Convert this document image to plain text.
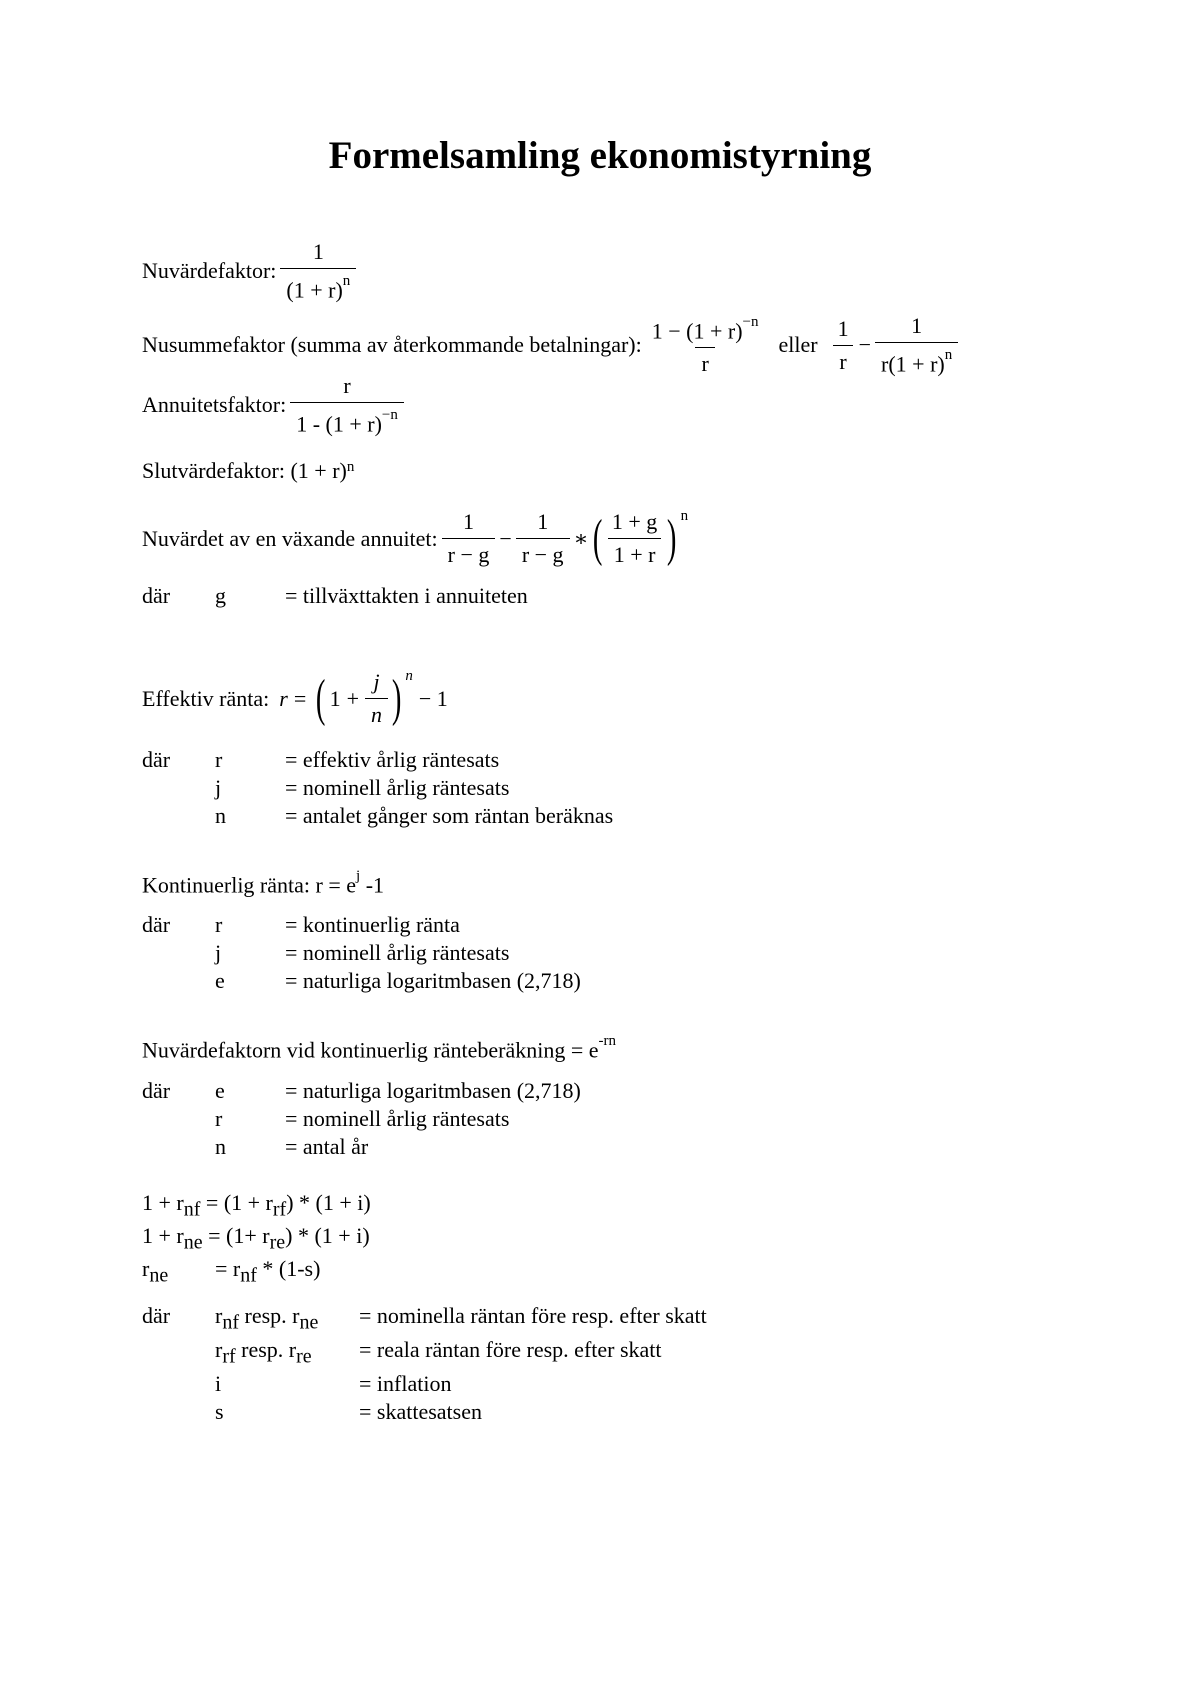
Formelsamling ekonomistyrning
Nuvärdefaktor: $\frac{1}{(1 + r)^n}$
Nusummefaktor (summa av återkommande betalningar): $\frac{1 - (1 + r)^{-n}}{r}$ eller $\frac{1}{r} - \frac{1}{r(1 + r)^n}$
Annuitetsfaktor: $\frac{r}{1 - (1 + r)^{-n}}$
Slutvärdefaktor: $(1 + r)^n$
Nuvärdet av en växande annuitet: $\frac{1}{r - g} - \frac{1}{r - g}$ ∗ ( $\frac{1 + g}{1 + r}$ ) $^n$
där g	= tillväxttakten i annuiteten
Effektiv ränta: r = ( $1 + \frac{j}{n}$ ) $^n$
− 1
där r	= effektiv årlig räntesats
j	= nominell årlig räntesats
n	= antalet gånger som räntan beräknas
Kontinuerlig ränta: $r = e^j$ -1
där r	= kontinuerlig ränta
j	= nominell årlig räntesats
e	= naturliga logaritmbasen (2,718)
Nuvärdefaktorn vid kontinuerlig ränteberäkning = $e^{-rn}$
där e	= naturliga logaritmbasen (2,718)
r	= nominell årlig räntesats
n	= antal år
$1 + r_{nf} = (1 + r_{rf}) * (1 + i)$
$1 + r_{ne} = (1+ r_{re}) * (1 + i)$
$r_{ne} = r_{nf} * (1-s)$
där $r_{nf}$ resp. $r_{ne}$ = nominella räntan före resp. efter skatt
$r_{rf}$ resp. $r_{re}$ = reala räntan före resp. efter skatt
i	= inflation
s	= skattesatsen
